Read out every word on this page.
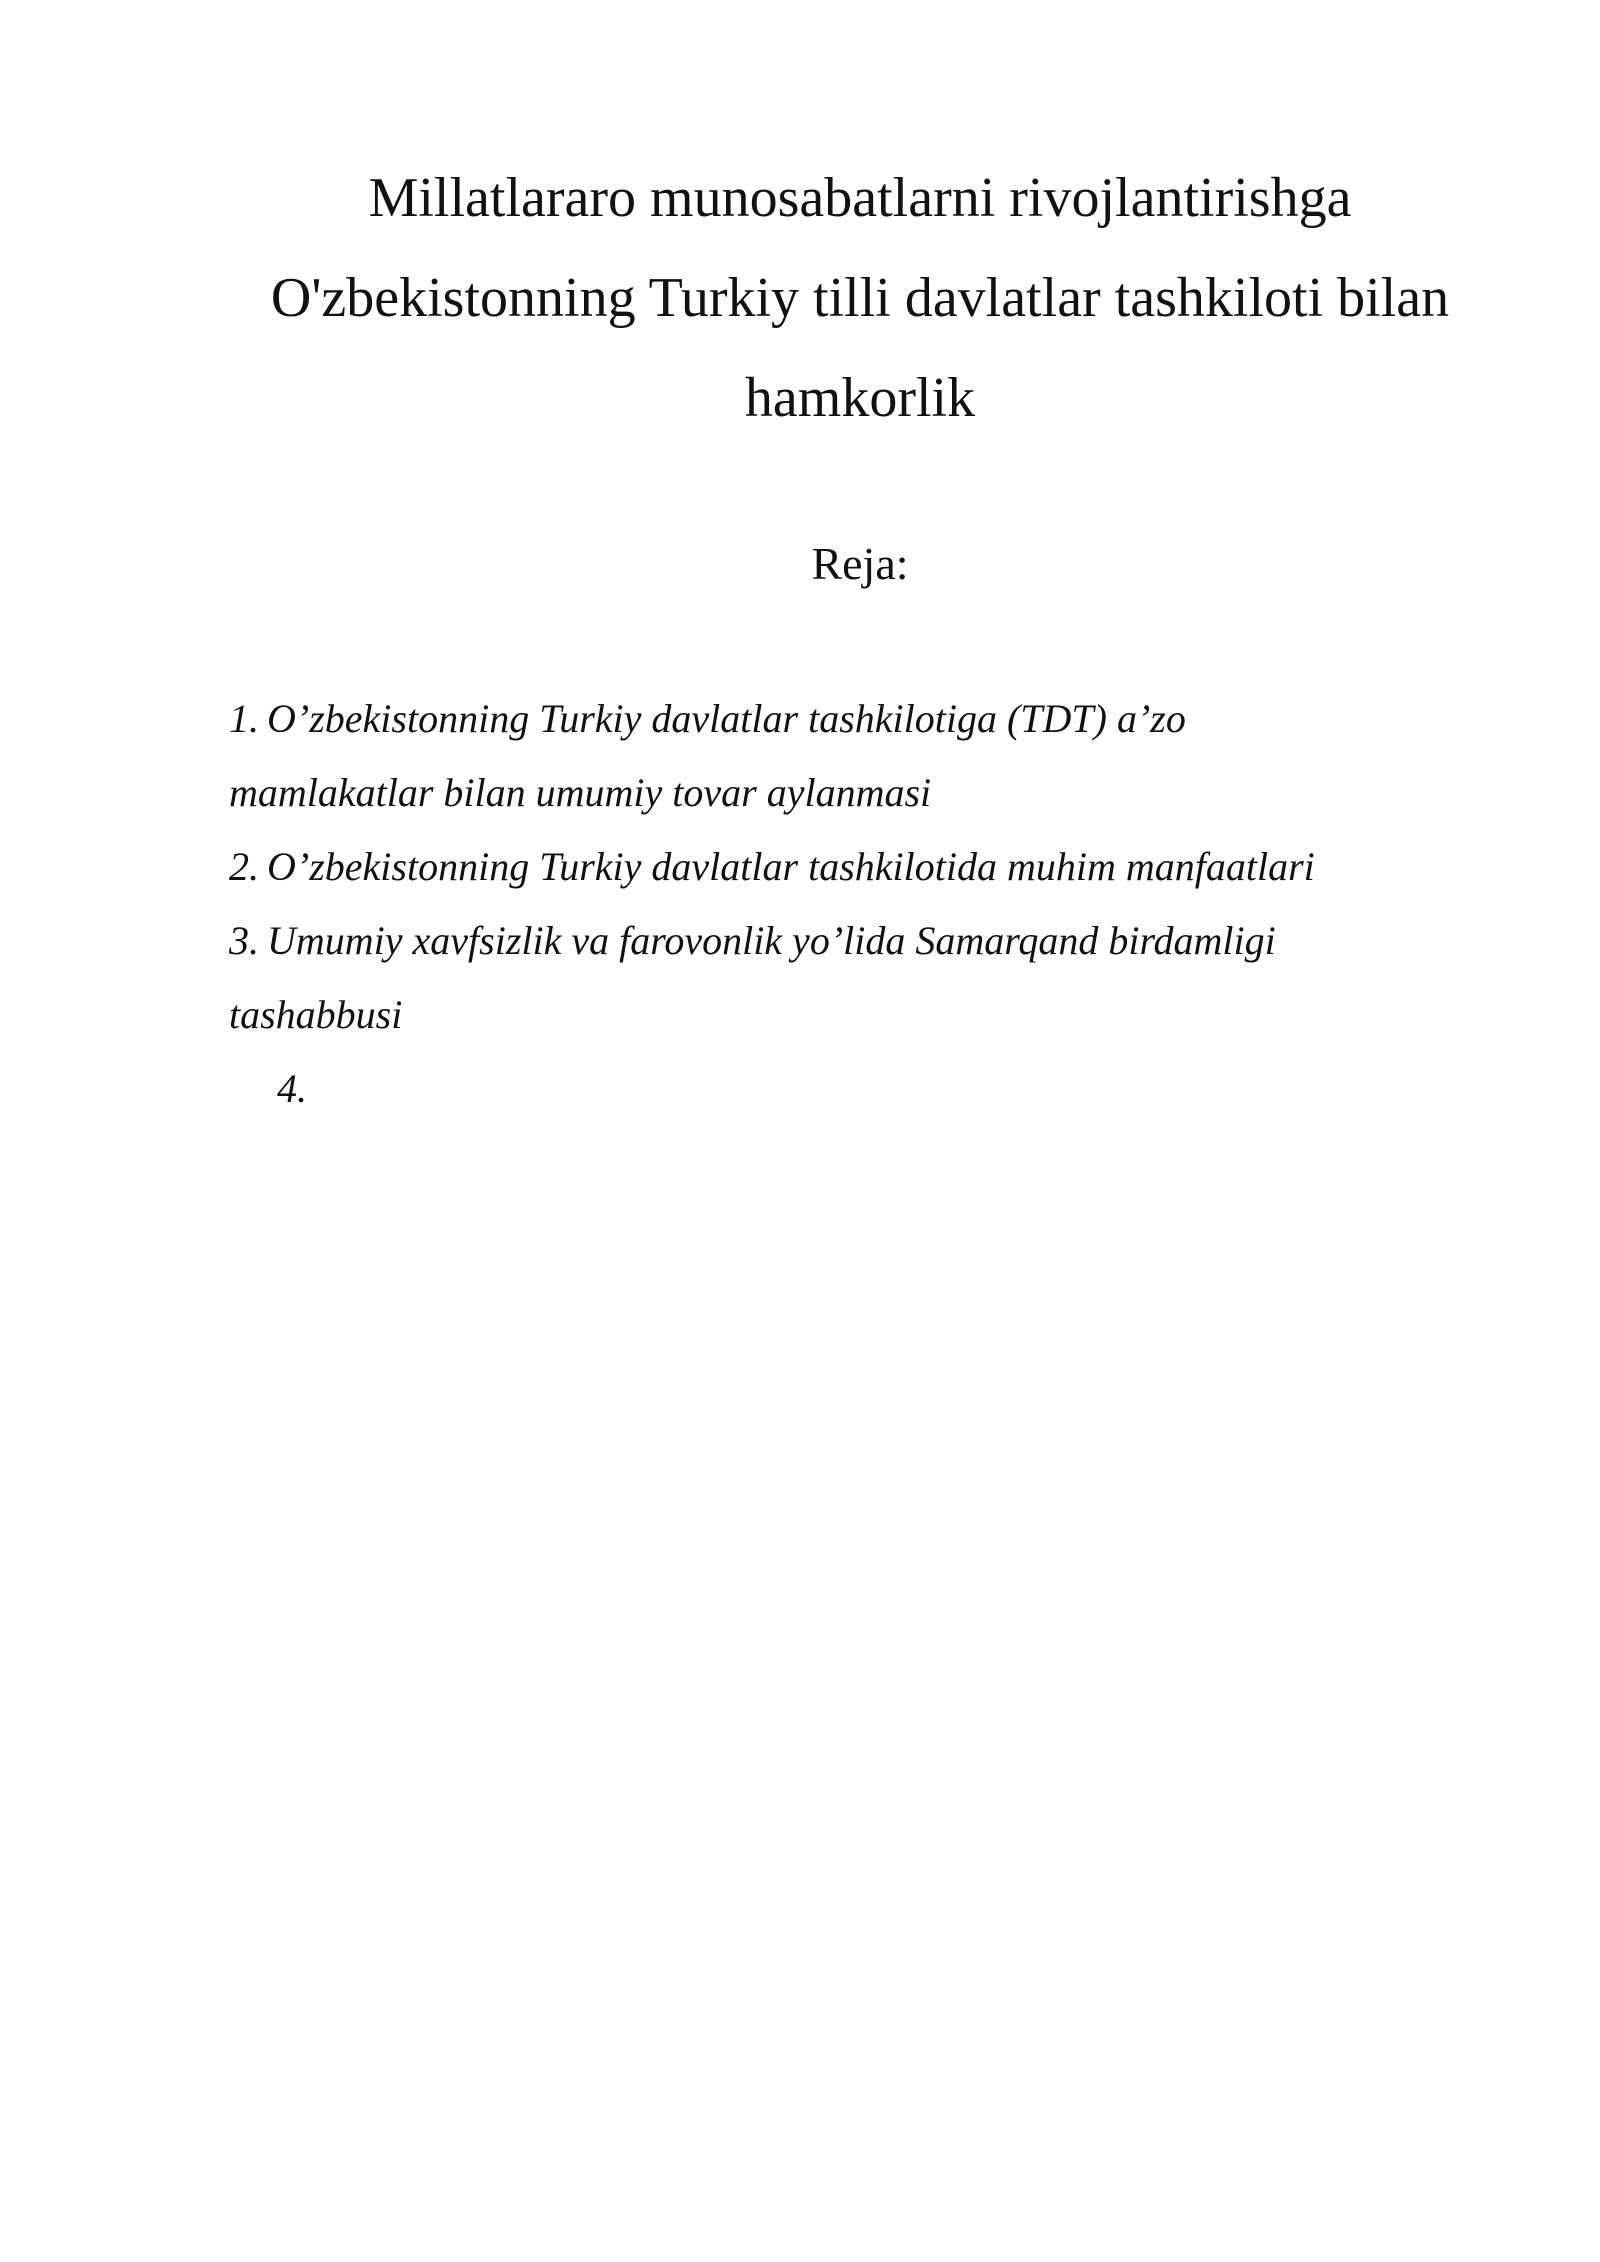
Millatlararo munosabatlarni rivojlantirishga
O'zbekistonning Turkiy tilli davlatlar tashkiloti bilan
hamkorlik
Reja:
1. O’zbekistonning Turkiy davlatlar tashkilotiga (TDT) a’zo
mamlakatlar bilan umumiy tovar aylanmasi
2. O’zbekistonning Turkiy davlatlar tashkilotida muhim manfaatlari
3. Umumiy xavfsizlik va farovonlik yo’lida Samarqand birdamligi
tashabbusi
4.
